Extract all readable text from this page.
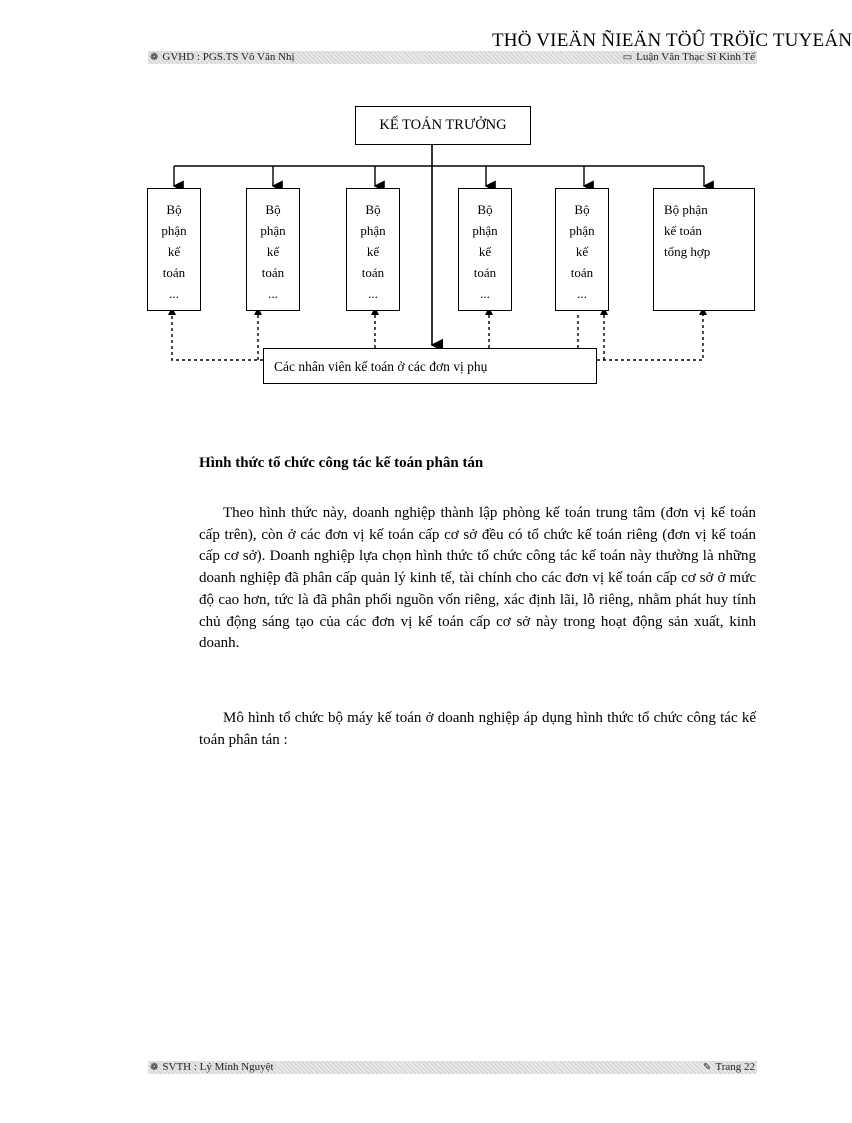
THÖ VIEÄN ÑIEÄN TÖÛ TRÖÏC TUYEÁN
❁ GVHD : PGS.TS Võ Văn Nhị	▭ Luận Văn Thạc Sĩ Kinh Tế
KẾ TOÁN TRƯỞNG
Bộ
phận
kế
toán
...
Bộ
phận
kế
toán
...
Bộ
phận
kế
toán
...
Bộ
phận
kế
toán
...
Bộ
phận
kế
toán
...
Bộ phận
kế toán
tổng hợp
Các nhân viên kế toán ở các đơn vị phụ
Hình thức tổ chức công tác kế toán phân tán

Theo hình thức này, doanh nghiệp thành lập phòng kế toán trung tâm (đơn vị kế toán cấp trên), còn ở các đơn vị kế toán cấp cơ sở đều có tổ chức kế toán riêng (đơn vị kế toán cấp cơ sở). Doanh nghiệp lựa chọn hình thức tổ chức công tác kế toán này thường là những doanh nghiệp đã phân cấp quản lý kinh tế, tài chính cho các đơn vị kế toán cấp cơ sở ở mức độ cao hơn, tức là đã phân phối nguồn vốn riêng, xác định lãi, lỗ riêng, nhằm phát huy tính chủ động sáng tạo của các đơn vị kế toán cấp cơ sở này trong hoạt động sản xuất, kinh doanh.

Mô hình tổ chức bộ máy kế toán ở doanh nghiệp áp dụng hình thức tổ chức công tác kế toán phân tán :

❁ SVTH : Lý Minh Nguyệt	✎ Trang 22
